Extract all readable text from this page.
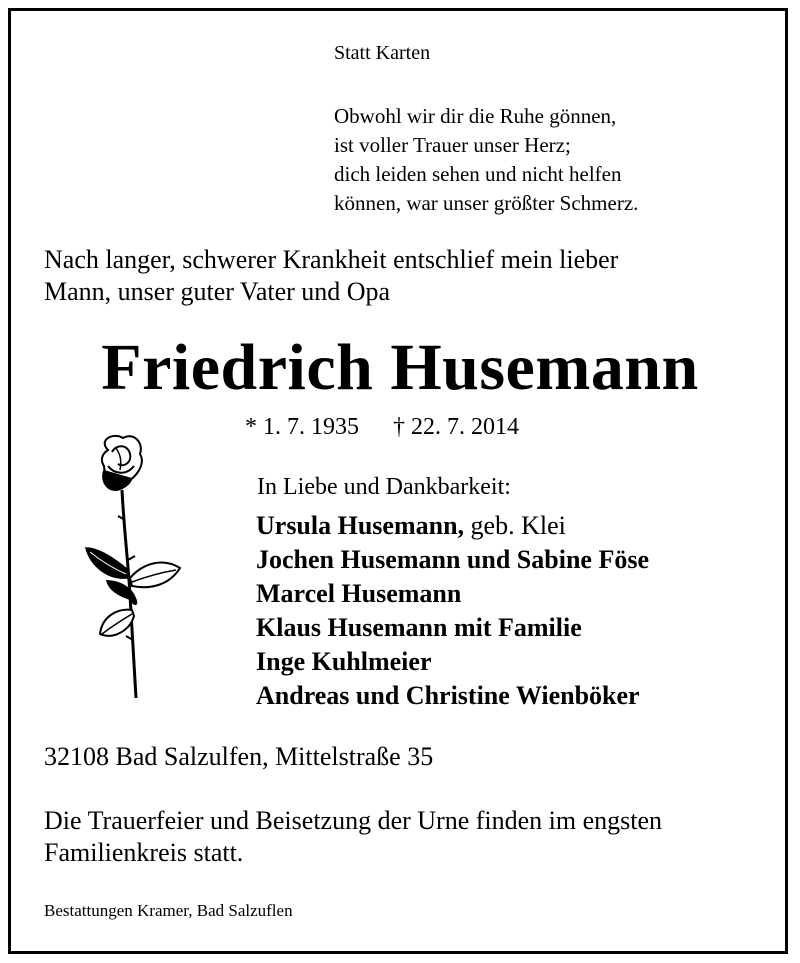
Statt Karten
Obwohl wir dir die Ruhe gönnen,
ist voller Trauer unser Herz;
dich leiden sehen und nicht helfen
können, war unser größter Schmerz.
Nach langer, schwerer Krankheit entschlief mein lieber
Mann, unser guter Vater und Opa
Friedrich Husemann
* 1. 7. 1935 † 22. 7. 2014
In Liebe und Dankbarkeit:
Ursula Husemann, geb. Klei
Jochen Husemann und Sabine Föse
Marcel Husemann
Klaus Husemann mit Familie
Inge Kuhlmeier
Andreas und Christine Wienböker
32108 Bad Salzulfen, Mittelstraße 35
Die Trauerfeier und Beisetzung der Urne finden im engsten
Familienkreis statt.
Bestattungen Kramer, Bad Salzuflen
